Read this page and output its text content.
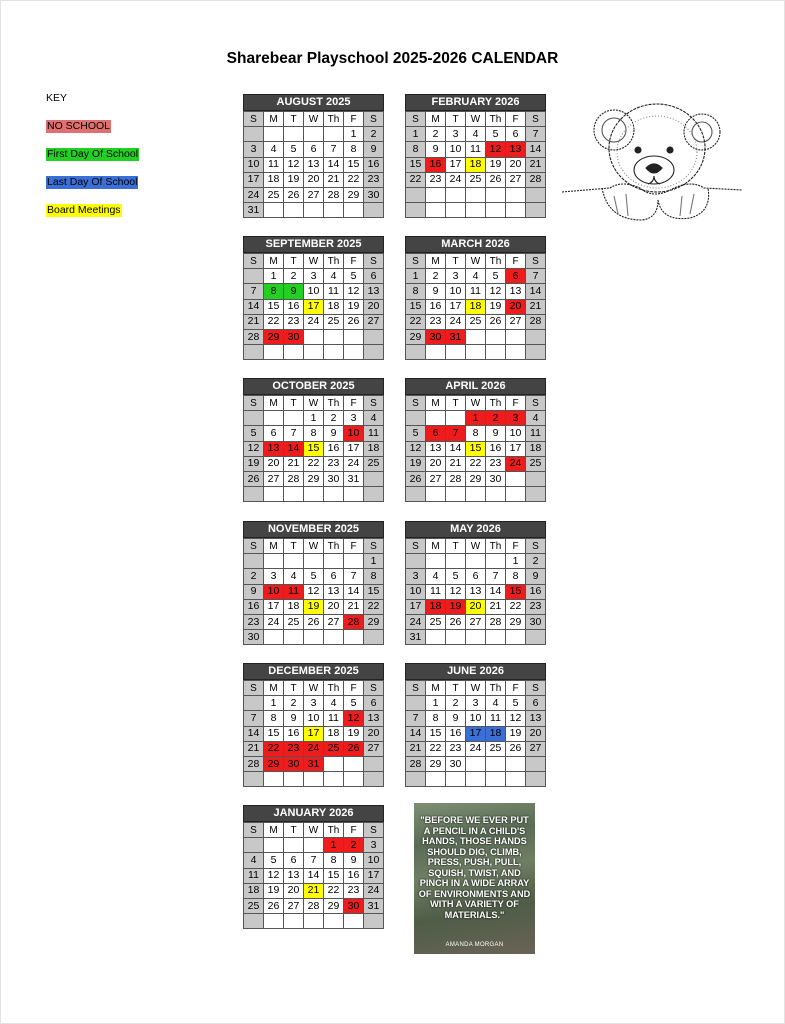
Sharebear Playschool 2025-2026 CALENDAR
KEY
NO SCHOOL
First Day Of School
Last Day Of School
Board Meetings
AUGUST 2025
S	M	T	W	Th	F	S
					1	2
3	4	5	6	7	8	9
10	11	12	13	14	15	16
17	18	19	20	21	22	23
24	25	26	27	28	29	30
31						
SEPTEMBER 2025
S	M	T	W	Th	F	S
	1	2	3	4	5	6
7	8	9	10	11	12	13
14	15	16	17	18	19	20
21	22	23	24	25	26	27
28	29	30				

OCTOBER 2025
S	M	T	W	Th	F	S
			1	2	3	4
5	6	7	8	9	10	11
12	13	14	15	16	17	18
19	20	21	22	23	24	25
26	27	28	29	30	31	

NOVEMBER 2025
S	M	T	W	Th	F	S
						1
2	3	4	5	6	7	8
9	10	11	12	13	14	15
16	17	18	19	20	21	22
23	24	25	26	27	28	29
30						
DECEMBER 2025
S	M	T	W	Th	F	S
	1	2	3	4	5	6
7	8	9	10	11	12	13
14	15	16	17	18	19	20
21	22	23	24	25	26	27
28	29	30	31			

JANUARY 2026
S	M	T	W	Th	F	S
				1	2	3
4	5	6	7	8	9	10
11	12	13	14	15	16	17
18	19	20	21	22	23	24
25	26	27	28	29	30	31

FEBRUARY 2026
S	M	T	W	Th	F	S
1	2	3	4	5	6	7
8	9	10	11	12	13	14
15	16	17	18	19	20	21
22	23	24	25	26	27	28

MARCH 2026
S	M	T	W	Th	F	S
1	2	3	4	5	6	7
8	9	10	11	12	13	14
15	16	17	18	19	20	21
22	23	24	25	26	27	28
29	30	31				

APRIL 2026
S	M	T	W	Th	F	S
			1	2	3	4
5	6	7	8	9	10	11
12	13	14	15	16	17	18
19	20	21	22	23	24	25
26	27	28	29	30		

MAY 2026
S	M	T	W	Th	F	S
					1	2
3	4	5	6	7	8	9
10	11	12	13	14	15	16
17	18	19	20	21	22	23
24	25	26	27	28	29	30
31						
JUNE 2026
S	M	T	W	Th	F	S
	1	2	3	4	5	6
7	8	9	10	11	12	13
14	15	16	17	18	19	20
21	22	23	24	25	26	27
28	29	30				

"BEFORE WE EVER PUT A PENCIL IN A CHILD'S HANDS, THOSE HANDS SHOULD DIG, CLIMB, PRESS, PUSH, PULL, SQUISH, TWIST, AND PINCH IN A WIDE ARRAY OF ENVIRONMENTS AND WITH A VARIETY OF MATERIALS."
AMANDA MORGAN
